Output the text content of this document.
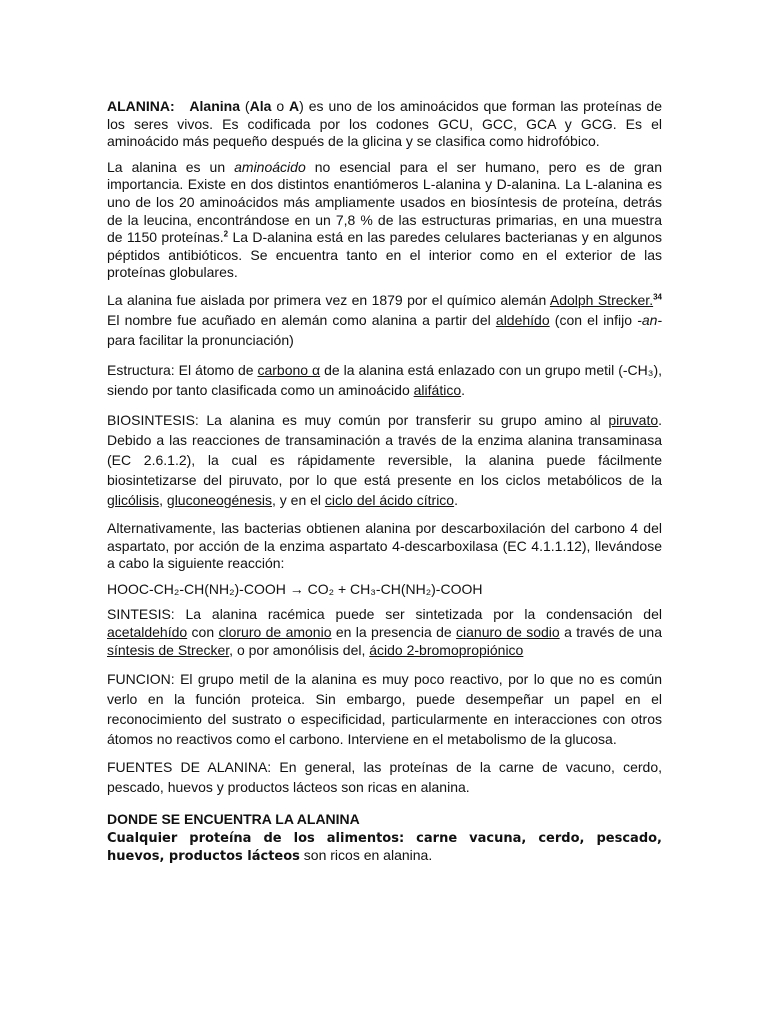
ALANINA: Alanina (Ala o A) es uno de los aminoácidos que forman las proteínas de los seres vivos. Es codificada por los codones GCU, GCC, GCA y GCG. Es el aminoácido más pequeño después de la glicina y se clasifica como hidrofóbico.

La alanina es un aminoácido no esencial para el ser humano, pero es de gran importancia. Existe en dos distintos enantiómeros L-alanina y D-alanina. La L-alanina es uno de los 20 aminoácidos más ampliamente usados en biosíntesis de proteína, detrás de la leucina, encontrándose en un 7,8 % de las estructuras primarias, en una muestra de 1150 proteínas.$^2$ La D-alanina está en las paredes celulares bacterianas y en algunos péptidos antibióticos. Se encuentra tanto en el interior como en el exterior de las proteínas globulares.

La alanina fue aislada por primera vez en 1879 por el químico alemán Adolph Strecker.$^{34}$ El nombre fue acuñado en alemán como alanina a partir del aldehído (con el infijo -an- para facilitar la pronunciación)

Estructura: El átomo de carbono α de la alanina está enlazado con un grupo metil (-CH₃), siendo por tanto clasificada como un aminoácido alifático.

BIOSINTESIS: La alanina es muy común por transferir su grupo amino al piruvato. Debido a las reacciones de transaminación a través de la enzima alanina transaminasa (EC 2.6.1.2), la cual es rápidamente reversible, la alanina puede fácilmente biosintetizarse del piruvato, por lo que está presente en los ciclos metabólicos de la glicólisis, gluconeogénesis, y en el ciclo del ácido cítrico.

Alternativamente, las bacterias obtienen alanina por descarboxilación del carbono 4 del aspartato, por acción de la enzima aspartato 4-descarboxilasa (EC 4.1.1.12), llevándose a cabo la siguiente reacción:

HOOC-CH₂-CH(NH₂)-COOH → CO₂ + CH₃-CH(NH₂)-COOH

SINTESIS: La alanina racémica puede ser sintetizada por la condensación del acetaldehído con cloruro de amonio en la presencia de cianuro de sodio a través de una síntesis de Strecker, o por amonólisis del, ácido 2-bromopropiónico

FUNCION: El grupo metil de la alanina es muy poco reactivo, por lo que no es común verlo en la función proteica. Sin embargo, puede desempeñar un papel en el reconocimiento del sustrato o especificidad, particularmente en interacciones con otros átomos no reactivos como el carbono. Interviene en el metabolismo de la glucosa.

FUENTES DE ALANINA: En general, las proteínas de la carne de vacuno, cerdo, pescado, huevos y productos lácteos son ricas en alanina.

DONDE SE ENCUENTRA LA ALANINA

Cualquier proteína de los alimentos: carne vacuna, cerdo, pescado, huevos, productos lácteos son ricos en alanina.
